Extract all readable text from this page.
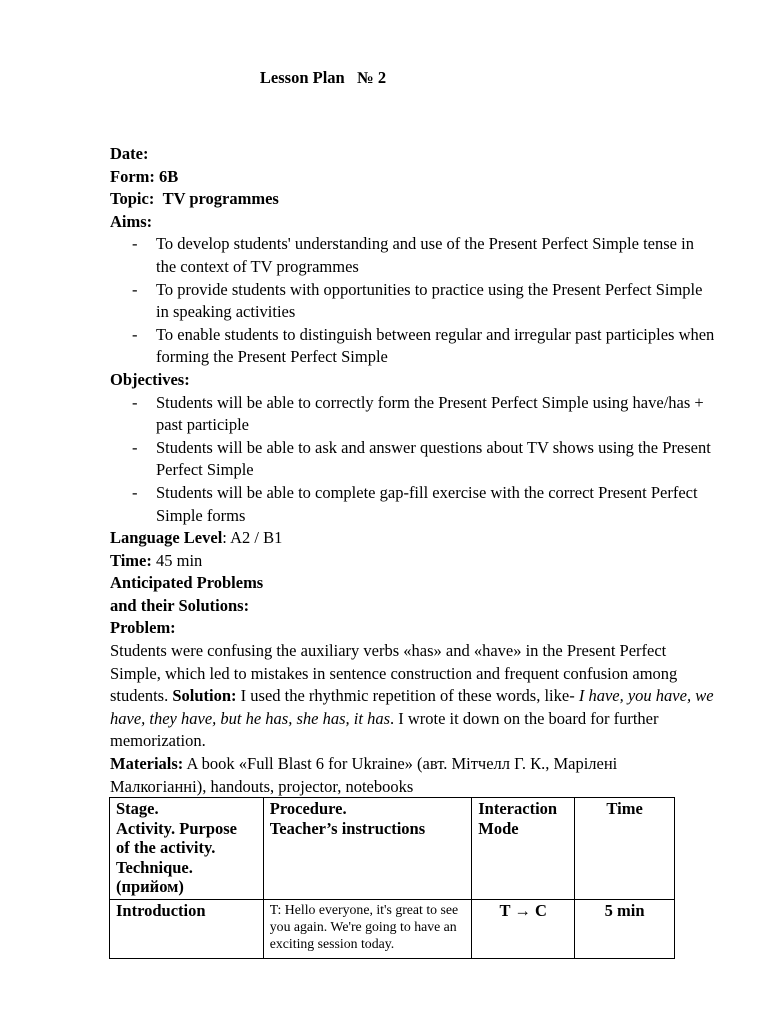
Lesson Plan   № 2
Date:
Form: 6B
Topic: TV programmes
Aims:
- To develop students' understanding and use of the Present Perfect Simple tense in the context of TV programmes
- To provide students with opportunities to practice using the Present Perfect Simple in speaking activities
- To enable students to distinguish between regular and irregular past participles when forming the Present Perfect Simple
Objectives:
- Students will be able to correctly form the Present Perfect Simple using have/has + past participle
- Students will be able to ask and answer questions about TV shows using the Present Perfect Simple
- Students will be able to complete gap-fill exercise with the correct Present Perfect Simple forms
Language Level: A2 / B1
Time: 45 min
Anticipated Problems
and their Solutions:
Problem:

Students were confusing the auxiliary verbs «has» and «have» in the Present Perfect Simple, which led to mistakes in sentence construction and frequent confusion among students. Solution: I used the rhythmic repetition of these words, like- I have, you have, we have, they have, but he has, she has, it has. I wrote it down on the board for further memorization.

Materials: A book «Full Blast 6 for Ukraine» (авт. Мітчелл Г. К., Марілені Малкогіанні), handouts, projector, notebooks

Stage.
Activity. Purpose
of the activity.
Technique.
(прийом)	Procedure.
Teacher’s instructions	Interaction
Mode	Time
Introduction	T: Hello everyone, it's great to see you again. We're going to have an exciting session today.	T → C	5 min
